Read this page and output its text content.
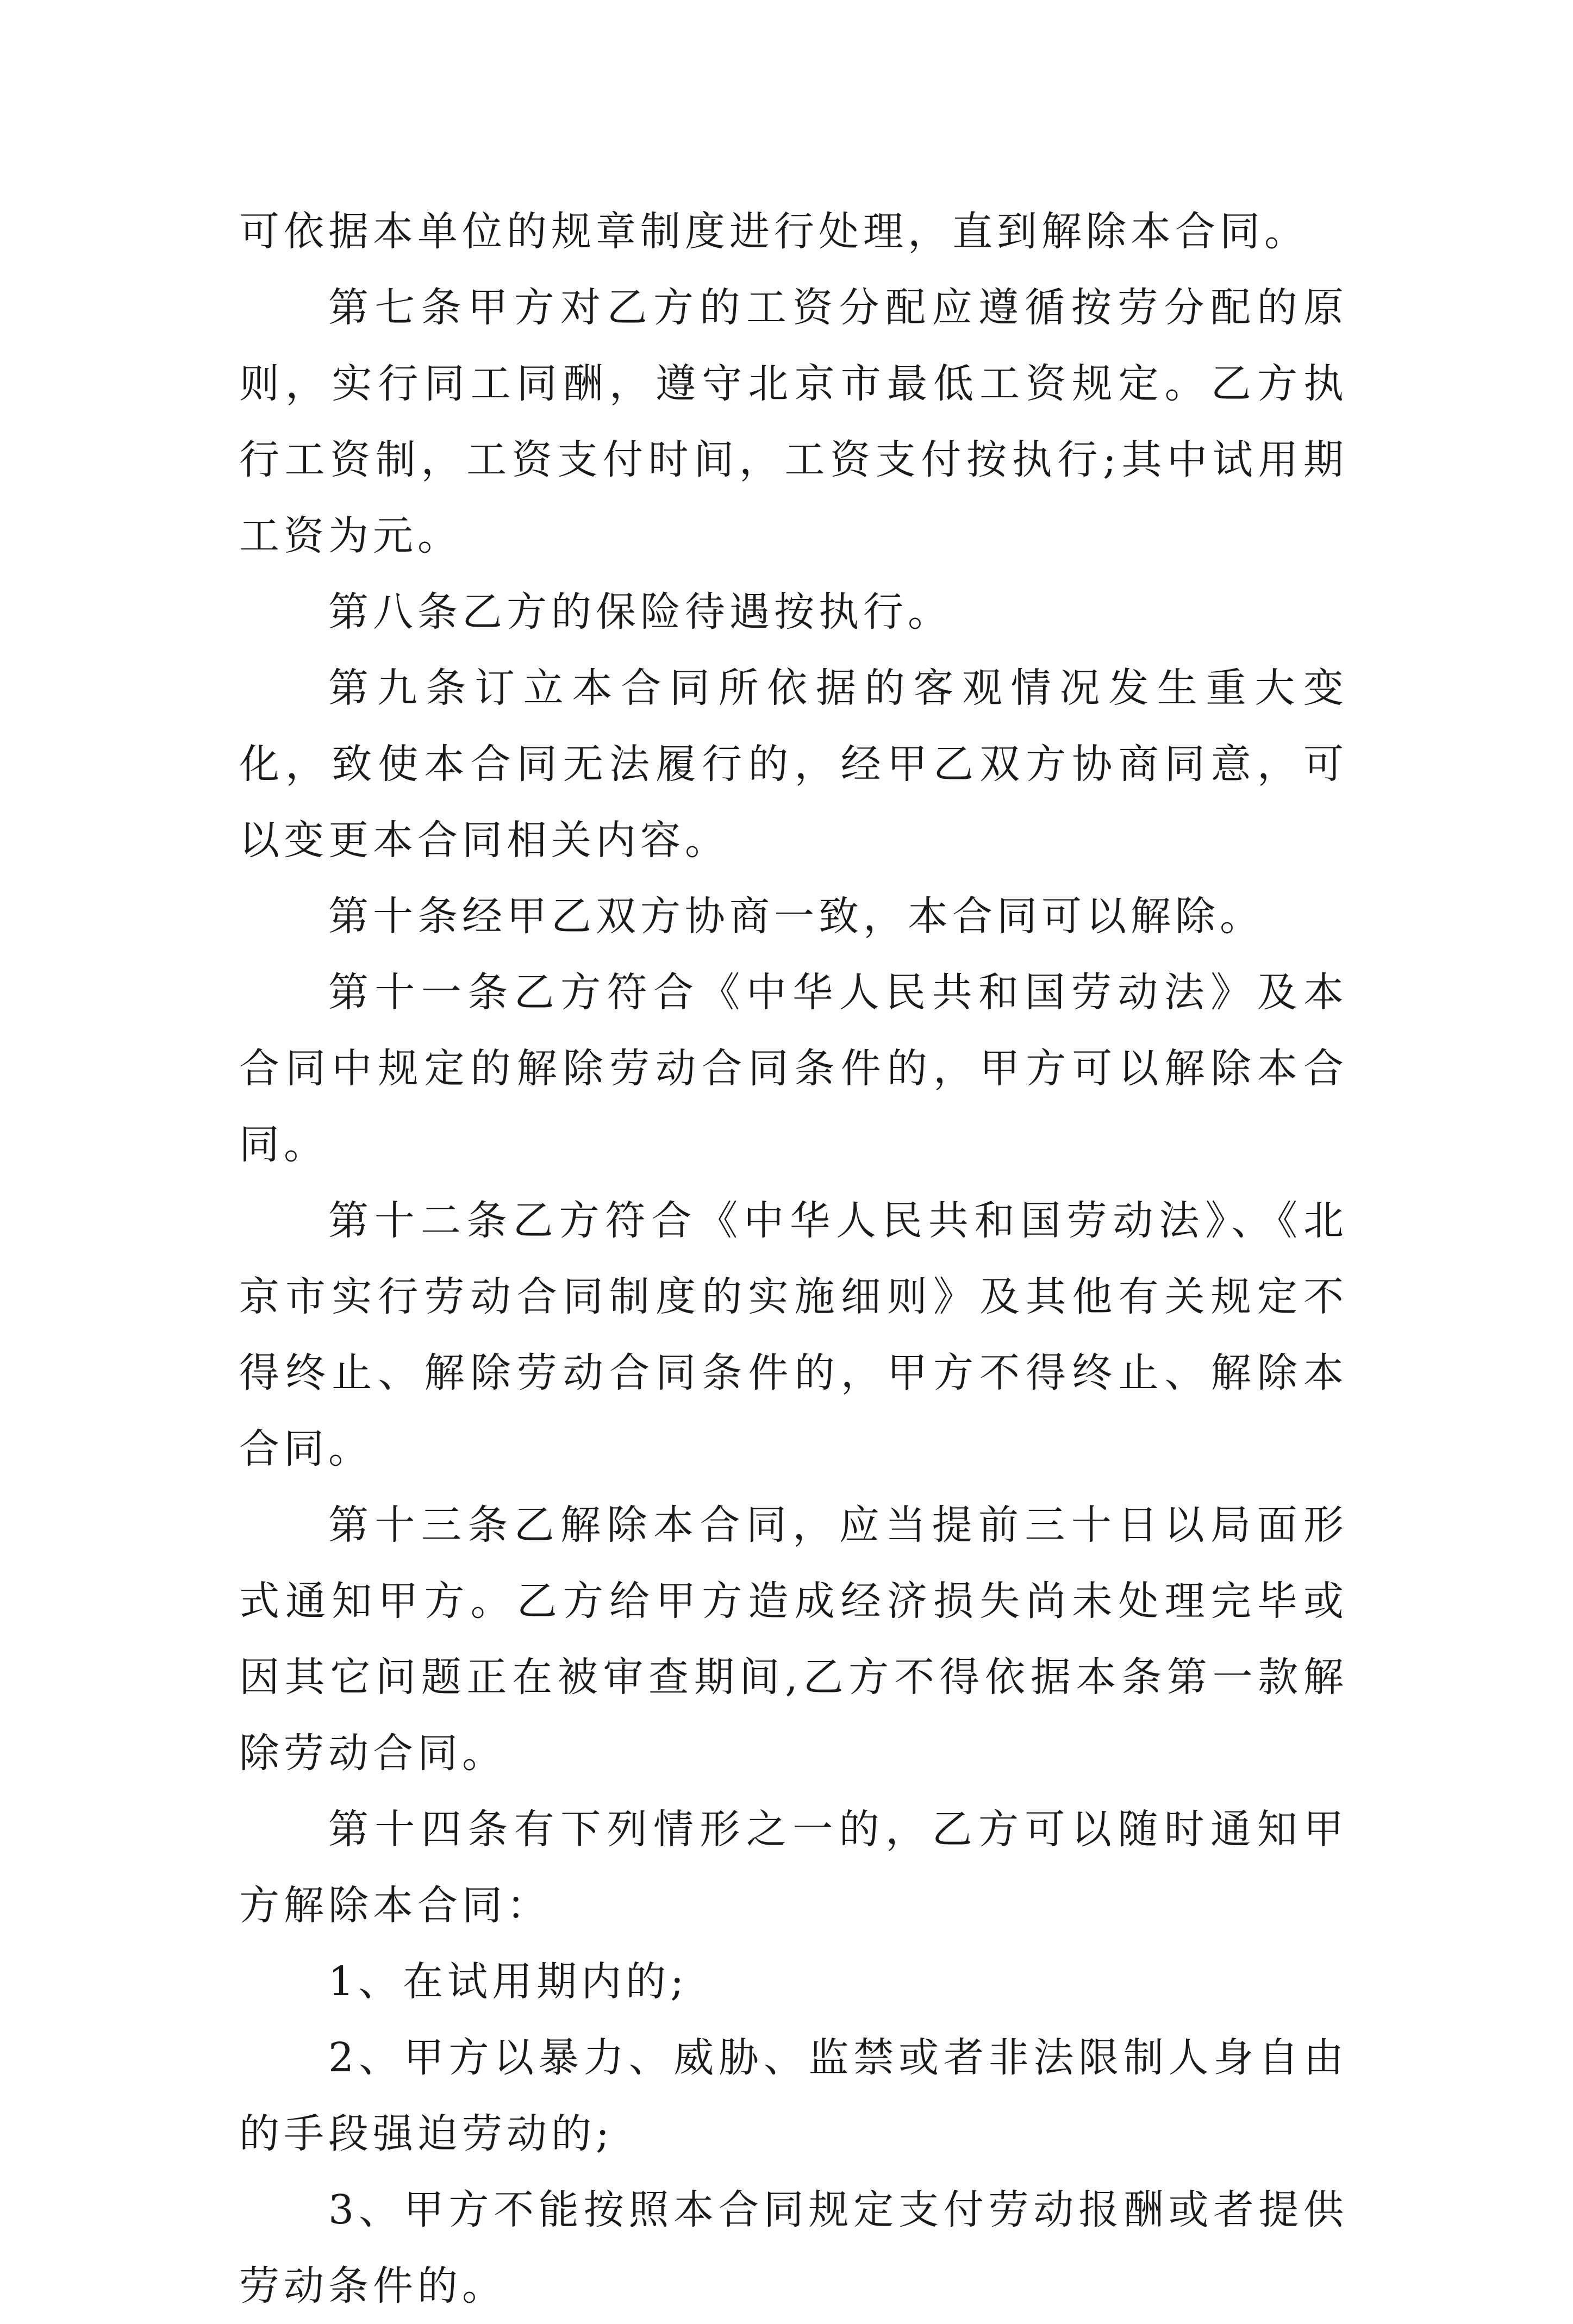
可依据本单位的规章制度进行处理，直到解除本合同。

第七条甲方对乙方的工资分配应遵循按劳分配的原则，实行同工同酬，遵守北京市最低工资规定。乙方执行工资制，工资支付时间，工资支付按执行;其中试用期工资为元。

第八条乙方的保险待遇按执行。

第九条订立本合同所依据的客观情况发生重大变化，致使本合同无法履行的，经甲乙双方协商同意，可以变更本合同相关内容。

第十条经甲乙双方协商一致，本合同可以解除。

第十一条乙方符合《中华人民共和国劳动法》及本合同中规定的解除劳动合同条件的，甲方可以解除本合同。

第十二条乙方符合《中华人民共和国劳动法》、《北京市实行劳动合同制度的实施细则》及其他有关规定不得终止、解除劳动合同条件的，甲方不得终止、解除本合同。

第十三条乙解除本合同，应当提前三十日以局面形式通知甲方。乙方给甲方造成经济损失尚未处理完毕或因其它问题正在被审查期间,乙方不得依据本条第一款解除劳动合同。

第十四条有下列情形之一的，乙方可以随时通知甲方解除本合同：

1、在试用期内的;

2、甲方以暴力、威胁、监禁或者非法限制人身自由的手段强迫劳动的;

3、甲方不能按照本合同规定支付劳动报酬或者提供劳动条件的。
